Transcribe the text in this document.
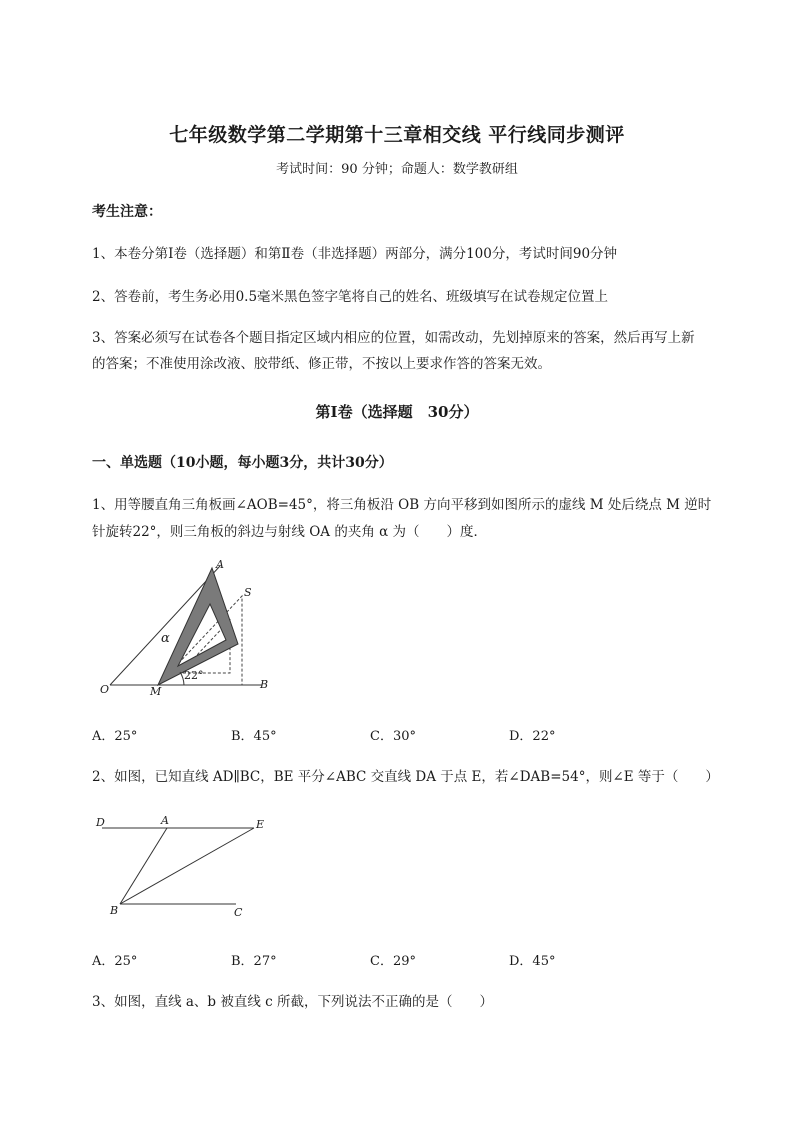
七年级数学第二学期第十三章相交线 平行线同步测评
考试时间：90 分钟；命题人：数学教研组
考生注意：
1、本卷分第Ⅰ卷（选择题）和第Ⅱ卷（非选择题）两部分，满分100分，考试时间90分钟
2、答卷前，考生务必用0.5毫米黑色签字笔将自己的姓名、班级填写在试卷规定位置上
3、答案必须写在试卷各个题目指定区域内相应的位置，如需改动，先划掉原来的答案，然后再写上新
的答案；不准使用涂改液、胶带纸、修正带，不按以上要求作答的答案无效。
第Ⅰ卷（选择题　30分）
一、单选题（10小题，每小题3分，共计30分）
1、用等腰直角三角板画∠AOB=45°，将三角板沿 OB 方向平移到如图所示的虚线 M 处后绕点 M 逆时
针旋转22°，则三角板的斜边与射线 OA 的夹角 α 为（　　）度．
A
S
α
22°
O	M
B
A．25°	B．45°	C．30°	D．22°
2、如图，已知直线 AD∥BC，BE 平分∠ABC 交直线 DA 于点 E，若∠DAB=54°，则∠E 等于（　　）
D	A	E
B	C
A．25°	B．27°	C．29°	D．45°
3、如图，直线 a、b 被直线 c 所截，下列说法不正确的是（　　）
